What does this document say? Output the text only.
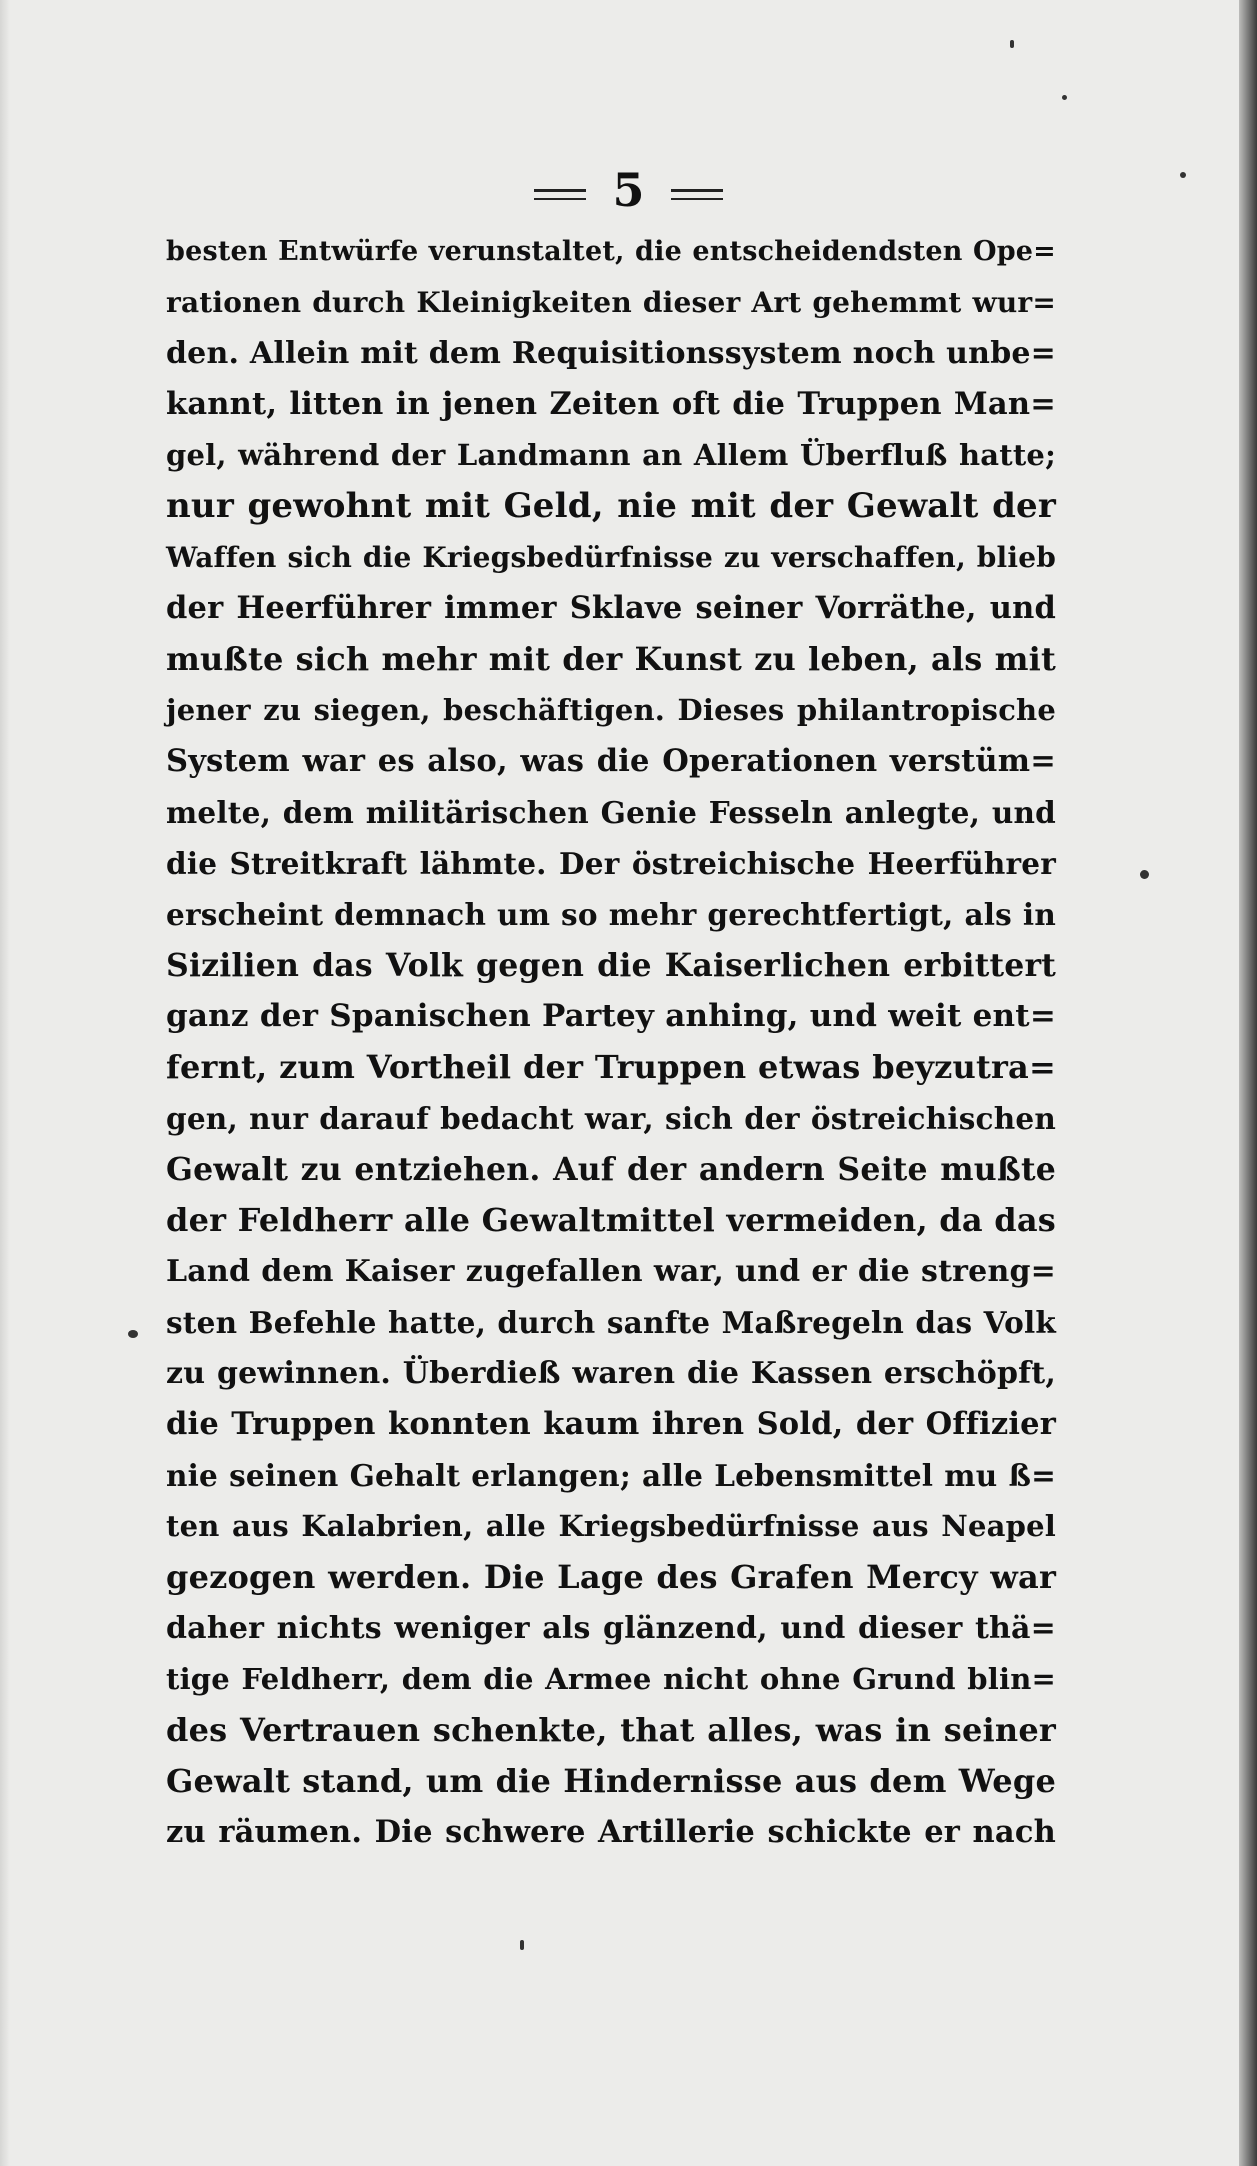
5
besten Entwürfe verunstaltet, die entscheidendsten Ope=
rationen durch Kleinigkeiten dieser Art gehemmt wur=
den. Allein mit dem Requisitionssystem noch unbe=
kannt, litten in jenen Zeiten oft die Truppen Man=
gel, während der Landmann an Allem Überfluß hatte;
nur gewohnt mit Geld, nie mit der Gewalt der
Waffen sich die Kriegsbedürfnisse zu verschaffen, blieb
der Heerführer immer Sklave seiner Vorräthe, und
mußte sich mehr mit der Kunst zu leben, als mit
jener zu siegen, beschäftigen. Dieses philantropische
System war es also, was die Operationen verstüm=
melte, dem militärischen Genie Fesseln anlegte, und
die Streitkraft lähmte. Der östreichische Heerführer
erscheint demnach um so mehr gerechtfertigt, als in
Sizilien das Volk gegen die Kaiserlichen erbittert
ganz der Spanischen Partey anhing, und weit ent=
fernt, zum Vortheil der Truppen etwas beyzutra=
gen, nur darauf bedacht war, sich der östreichischen
Gewalt zu entziehen. Auf der andern Seite mußte
der Feldherr alle Gewaltmittel vermeiden, da das
Land dem Kaiser zugefallen war, und er die streng=
sten Befehle hatte, durch sanfte Maßregeln das Volk
zu gewinnen. Überdieß waren die Kassen erschöpft,
die Truppen konnten kaum ihren Sold, der Offizier
nie seinen Gehalt erlangen; alle Lebensmittel mu ß=
ten aus Kalabrien, alle Kriegsbedürfnisse aus Neapel
gezogen werden. Die Lage des Grafen Mercy war
daher nichts weniger als glänzend, und dieser thä=
tige Feldherr, dem die Armee nicht ohne Grund blin=
des Vertrauen schenkte, that alles, was in seiner
Gewalt stand, um die Hindernisse aus dem Wege
zu räumen. Die schwere Artillerie schickte er nach
